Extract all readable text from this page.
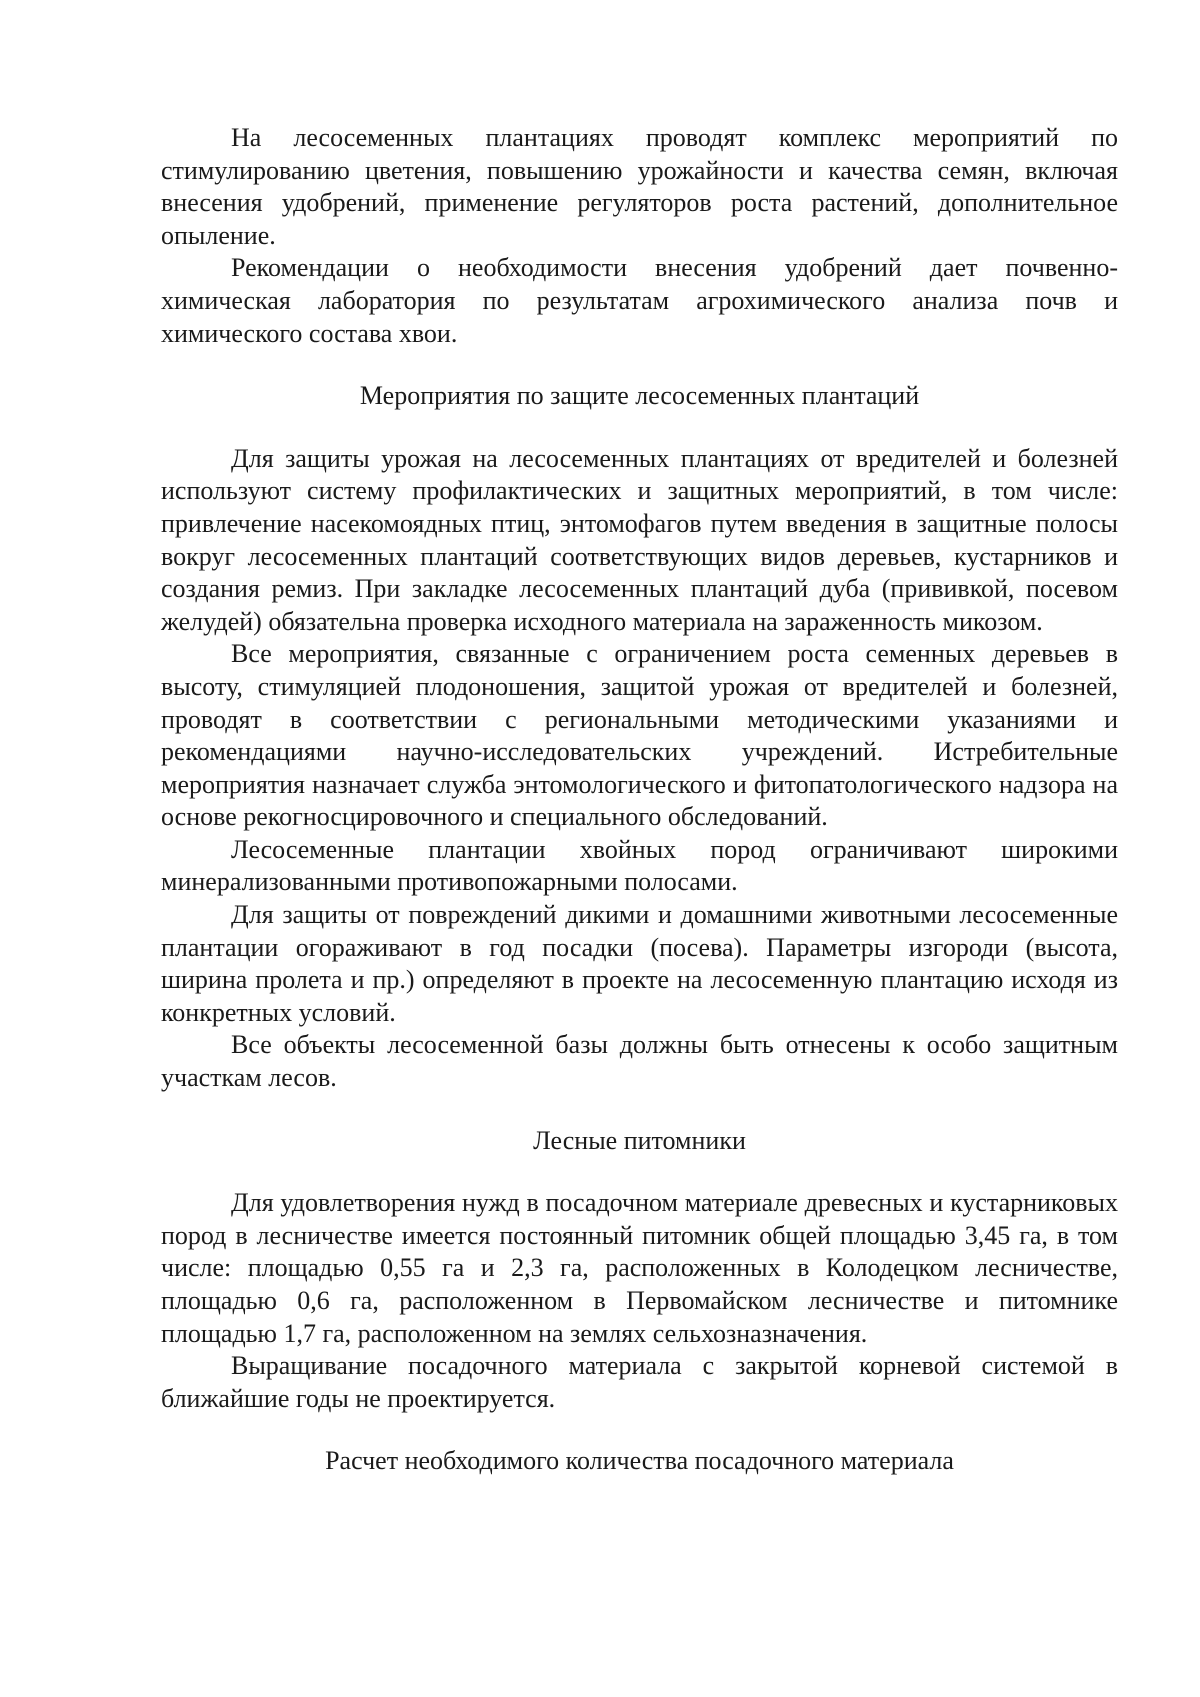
На лесосеменных плантациях проводят комплекс мероприятий по стимулированию цветения, повышению урожайности и качества семян, включая внесения удобрений, применение регуляторов роста растений, дополнительное опыление.

Рекомендации о необходимости внесения удобрений дает почвенно-химическая лаборатория по результатам агрохимического анализа почв и химического состава хвои.

Мероприятия по защите лесосеменных плантаций

Для защиты урожая на лесосеменных плантациях от вредителей и болезней используют систему профилактических и защитных мероприятий, в том числе: привлечение насекомоядных птиц, энтомофагов путем введения в защитные полосы вокруг лесосеменных плантаций соответствующих видов деревьев, кустарников и создания ремиз. При закладке лесосеменных плантаций дуба (прививкой, посевом желудей) обязательна проверка исходного материала на зараженность микозом.

Все мероприятия, связанные с ограничением роста семенных деревьев в высоту, стимуляцией плодоношения, защитой урожая от вредителей и болезней, проводят в соответствии с региональными методическими указаниями и рекомендациями научно-исследовательских учреждений. Истребительные мероприятия назначает служба энтомологического и фитопатологического надзора на основе рекогносцировочного и специального обследований.

Лесосеменные плантации хвойных пород ограничивают широкими минерализованными противопожарными полосами.

Для защиты от повреждений дикими и домашними животными лесосеменные плантации огораживают в год посадки (посева). Параметры изгороди (высота, ширина пролета и пр.) определяют в проекте на лесосеменную плантацию исходя из конкретных условий.

Все объекты лесосеменной базы должны быть отнесены к особо защитным участкам лесов.

Лесные питомники

Для удовлетворения нужд в посадочном материале древесных и кустарниковых пород в лесничестве имеется постоянный питомник общей площадью 3,45 га, в том числе: площадью 0,55 га и 2,3 га, расположенных в Колодецком лесничестве, площадью 0,6 га, расположенном в Первомайском лесничестве и питомнике площадью 1,7 га, расположенном на землях сельхозназначения.

Выращивание посадочного материала с закрытой корневой системой в ближайшие годы не проектируется.

Расчет необходимого количества посадочного материала
